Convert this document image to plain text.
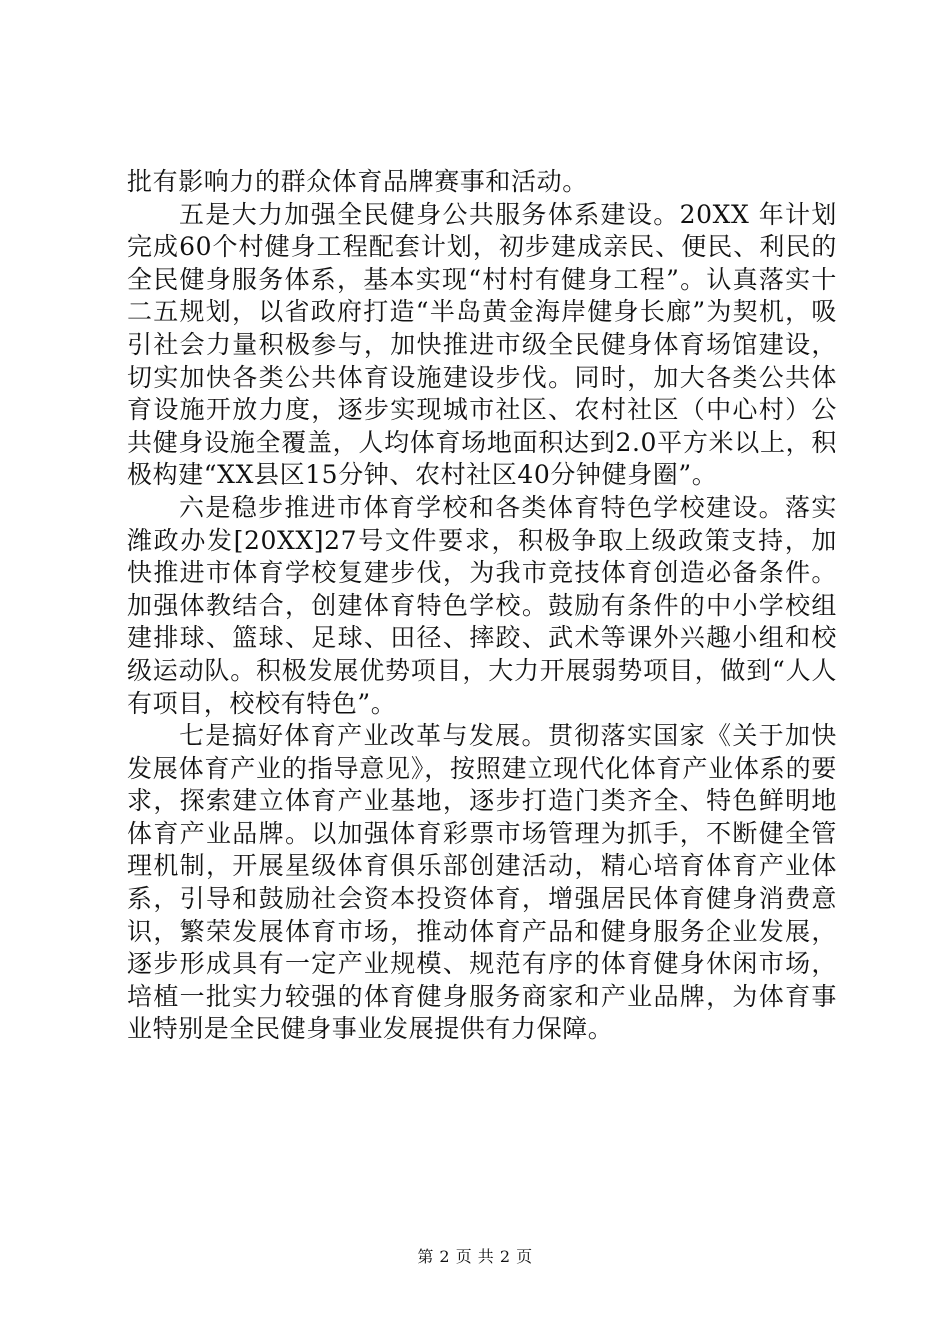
批有影响力的群众体育品牌赛事和活动。

五是大力加强全民健身公共服务体系建设。20XX 年计划完成60个村健身工程配套计划，初步建成亲民、便民、利民的全民健身服务体系，基本实现“村村有健身工程”。认真落实十二五规划，以省政府打造“半岛黄金海岸健身长廊”为契机，吸引社会力量积极参与，加快推进市级全民健身体育场馆建设，切实加快各类公共体育设施建设步伐。同时，加大各类公共体育设施开放力度，逐步实现城市社区、农村社区（中心村）公共健身设施全覆盖，人均体育场地面积达到2.0平方米以上，积极构建“XX县区15分钟、农村社区40分钟健身圈”。

六是稳步推进市体育学校和各类体育特色学校建设。落实潍政办发[20XX]27号文件要求，积极争取上级政策支持，加快推进市体育学校复建步伐，为我市竞技体育创造必备条件。加强体教结合，创建体育特色学校。鼓励有条件的中小学校组建排球、篮球、足球、田径、摔跤、武术等课外兴趣小组和校级运动队。积极发展优势项目，大力开展弱势项目，做到“人人有项目，校校有特色”。

七是搞好体育产业改革与发展。贯彻落实国家《关于加快发展体育产业的指导意见》，按照建立现代化体育产业体系的要求，探索建立体育产业基地，逐步打造门类齐全、特色鲜明地体育产业品牌。以加强体育彩票市场管理为抓手，不断健全管理机制，开展星级体育俱乐部创建活动，精心培育体育产业体系，引导和鼓励社会资本投资体育，增强居民体育健身消费意识，繁荣发展体育市场，推动体育产品和健身服务企业发展，逐步形成具有一定产业规模、规范有序的体育健身休闲市场，培植一批实力较强的体育健身服务商家和产业品牌，为体育事业特别是全民健身事业发展提供有力保障。

第 2 页 共 2 页
